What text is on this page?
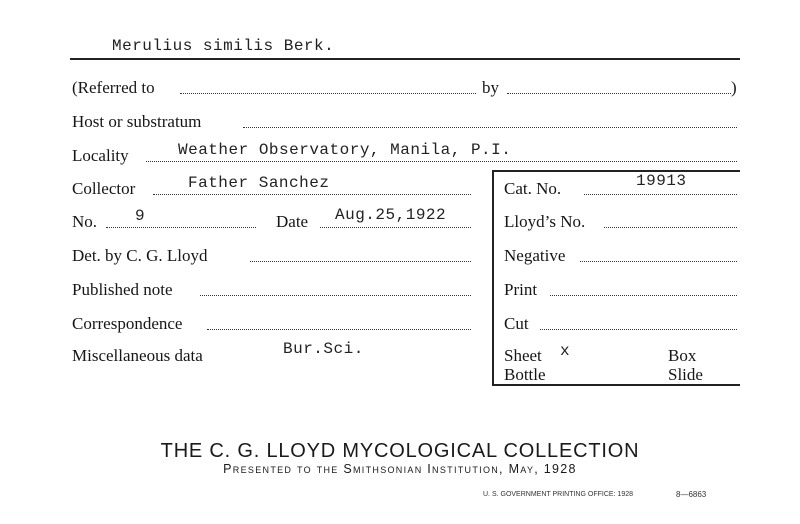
Merulius similis Berk.
(Referred to	by	)
Host or substratum
Locality	Weather Observatory, Manila, P.I.
Collector	Father Sanchez	Cat. No.	19913
No. 9	Date Aug.25,1922	Lloyd’s No.
Det. by C. G. Lloyd	Negative
Published note	Print
Correspondence	Cut
Miscellaneous data	Bur.Sci.	Sheet x	Box
Bottle	Slide
THE C. G. LLOYD MYCOLOGICAL COLLECTION
Presented to the Smithsonian Institution, May, 1928
U. S. GOVERNMENT PRINTING OFFICE: 1928	8—6863
